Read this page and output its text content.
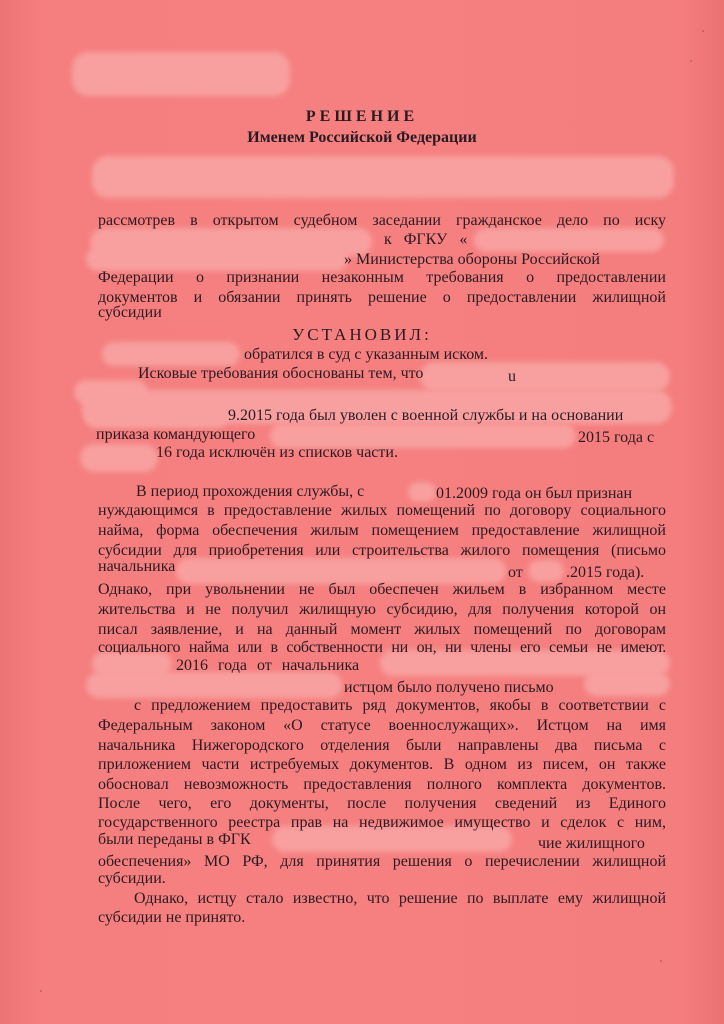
РЕШЕНИЕ
Именем Российской Федерации
рассмотрев в открытом судебном заседании гражданское дело по иску
к ФГКУ «
» Министерства обороны Российской
Федерации о признании незаконным требования о предоставлении
документов и обязании принять решение о предоставлении жилищной
субсидии
УСТАНОВИЛ:
обратился в суд с указанным иском.
Исковые требования обоснованы тем, что	u
9.2015 года был уволен с военной службы и на основании
приказа командующего	2015 года с
16 года исключён из списков части.
В период прохождения службы, с	01.2009 года он был признан
нуждающимся в предоставление жилых помещений по договору социального
найма, форма обеспечения жилым помещением предоставление жилищной
субсидии для приобретения или строительства жилого помещения (письмо
начальника	от	.2015 года).
Однако, при увольнении не был обеспечен жильем в избранном месте
жительства и не получил жилищную субсидию, для получения которой он
писал заявление, и на данный момент жилых помещений по договорам
социального найма или в собственности ни он, ни члены его семьи не имеют.
2016 года от начальника
истцом было получено письмо
с предложением предоставить ряд документов, якобы в соответствии с
Федеральным законом «О статусе военнослужащих». Истцом на имя
начальника Нижегородского отделения были направлены два письма с
приложением части истребуемых документов. В одном из писем, он также
обосновал невозможность предоставления полного комплекта документов.
После чего, его документы, после получения сведений из Единого
государственного реестра прав на недвижимое имущество и сделок с ним,
были переданы в ФГК	чие жилищного
обеспечения» МО РФ, для принятия решения о перечислении жилищной
субсидии.
Однако, истцу стало известно, что решение по выплате ему жилищной
субсидии не принято.
